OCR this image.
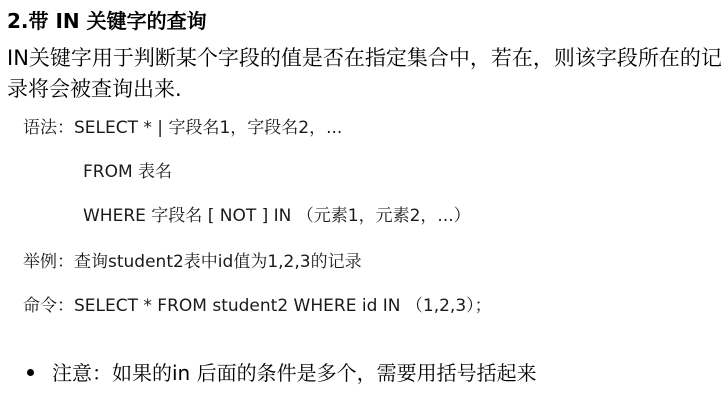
2.带 IN 关键字的查询
IN关键字用于判断某个字段的值是否在指定集合中，若在，则该字段所在的记录将会被查询出来.
语法：SELECT * | 字段名1，字段名2，...
FROM 表名
WHERE 字段名 [ NOT ] IN （元素1，元素2，...）
举例：查询student2表中id值为1,2,3的记录
命令：SELECT * FROM student2 WHERE id IN （1,2,3）；
注意：如果的in 后面的条件是多个，需要用括号括起来
